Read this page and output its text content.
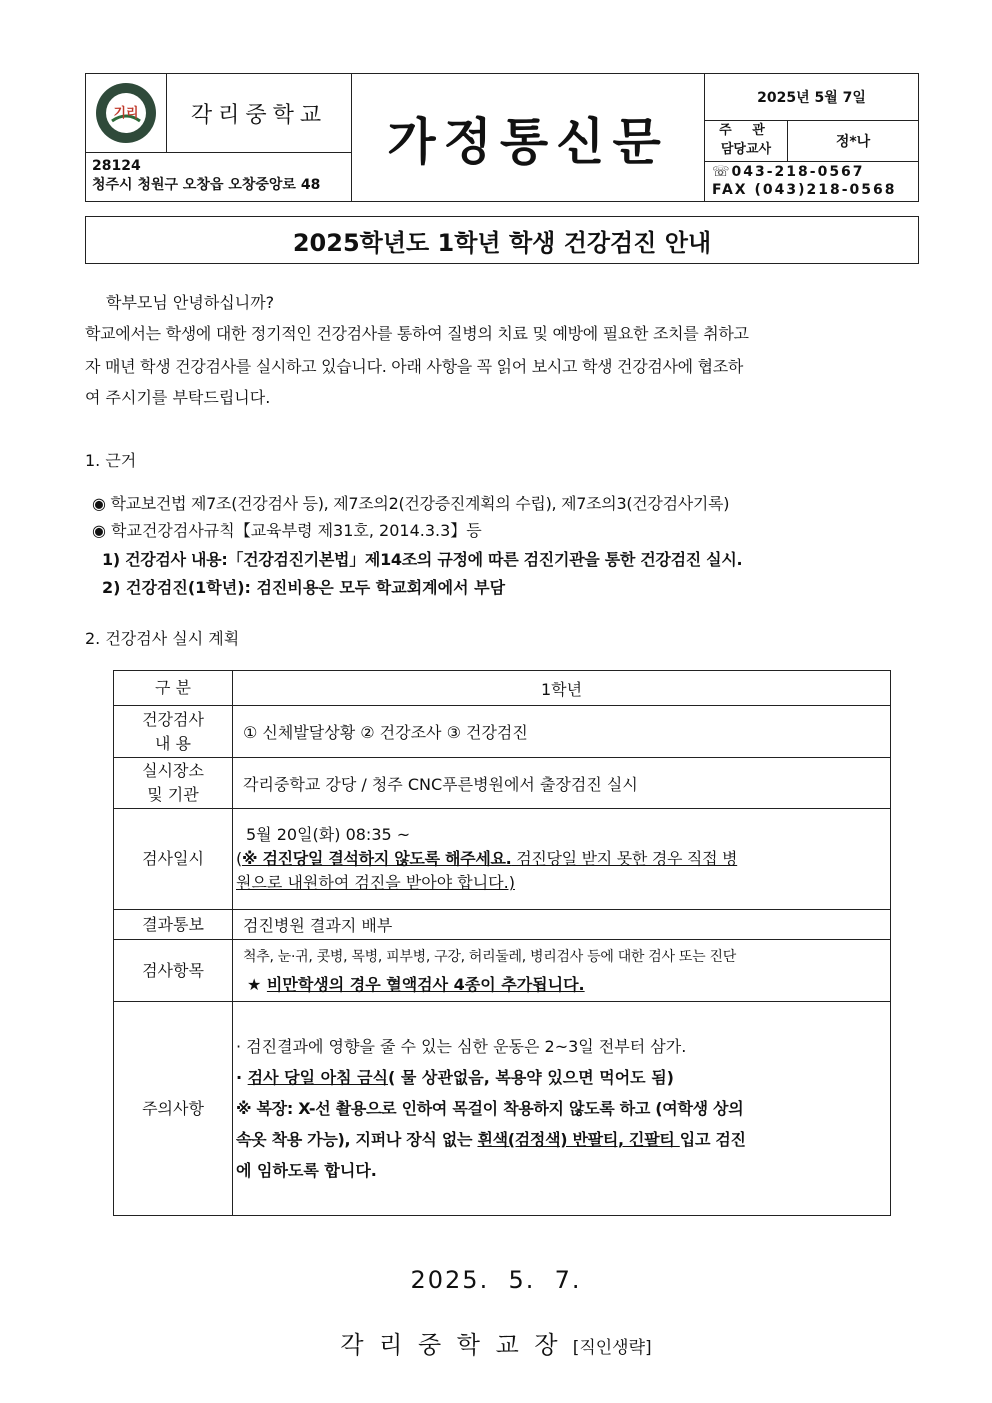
기리 각리중학교
28124
청주시 청원구 오창읍 오창중앙로 48
가정통신문
2025년 5월 7일
주 관
담당교사	정*나
☏043-218-0567
FAX (043)218-0568
2025학년도 1학년 학생 건강검진 안내
학부모님 안녕하십니까?
학교에서는 학생에 대한 정기적인 건강검사를 통하여 질병의 치료 및 예방에 필요한 조치를 취하고
자 매년 학생 건강검사를 실시하고 있습니다. 아래 사항을 꼭 읽어 보시고 학생 건강검사에 협조하
여 주시기를 부탁드립니다.
1. 근거
◉ 학교보건법 제7조(건강검사 등), 제7조의2(건강증진계획의 수립), 제7조의3(건강검사기록)
◉ 학교건강검사규칙【교육부령 제31호, 2014.3.3】등
1) 건강검사 내용:「건강검진기본법」제14조의 규정에 따른 검진기관을 통한 건강검진 실시.
2) 건강검진(1학년): 검진비용은 모두 학교회계에서 부담
2. 건강검사 실시 계획
구 분	1학년

건강검사
내 용	① 신체발달상황 ② 건강조사 ③ 건강검진

실시장소
및 기관	각리중학교 강당 / 청주 CNC푸른병원에서 출장검진 실시
검사일시	5월 20일(화) 08:35 ~
(※ 검진당일 결석하지 않도록 해주세요. 검진당일 받지 못한 경우 직접 병
원으로 내원하여 검진을 받아야 합니다.)

결과통보	검진병원 결과지 배부
검사항목	척추, 눈·귀, 콧병, 목병, 피부병, 구강, 허리둘레, 병리검사 등에 대한 검사 또는 진단
★ 비만학생의 경우 혈액검사 4종이 추가됩니다.

주의사항	· 검진결과에 영향을 줄 수 있는 심한 운동은 2~3일 전부터 삼가.
· 검사 당일 아침 금식( 물 상관없음, 복용약 있으면 먹어도 됨)
※ 복장: X-선 촬용으로 인하여 목걸이 착용하지 않도록 하고 (여학생 상의
속옷 착용 가능), 지퍼나 장식 없는 흰색(검정색) 반팔티, 긴팔티 입고 검진
에 임하도록 합니다.
2025.  5.  7.
각 리 중 학 교 장 [직인생략]
